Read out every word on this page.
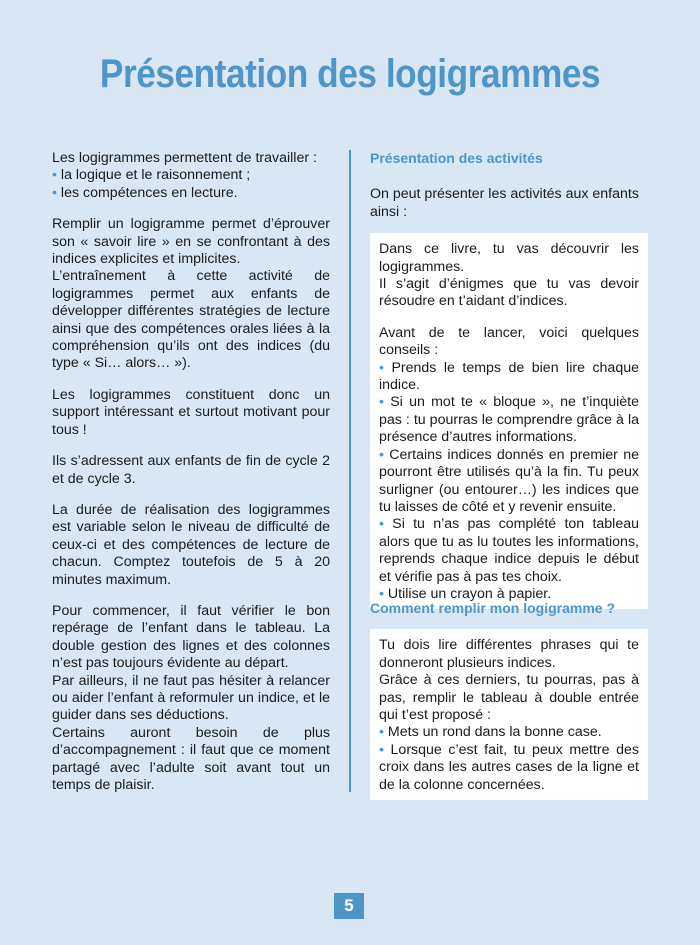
Présentation des logigrammes

Les logigrammes permettent de travailler :

• la logique et le raisonnement ;
• les compétences en lecture.

Remplir un logigramme permet d’éprouver son « savoir lire » en se confrontant à des indices explicites et implicites.

L’entraînement à cette activité de logigrammes permet aux enfants de développer différentes stratégies de lecture ainsi que des compétences orales liées à la compréhension qu’ils ont des indices (du type « Si… alors… »).

Les logigrammes constituent donc un support intéressant et surtout motivant pour tous !

Ils s’adressent aux enfants de fin de cycle 2 et de cycle 3.

La durée de réalisation des logigrammes est variable selon le niveau de difficulté de ceux-ci et des compétences de lecture de chacun. Comptez toutefois de 5 à 20 minutes maximum.

Pour commencer, il faut vérifier le bon repérage de l’enfant dans le tableau. La double gestion des lignes et des colonnes n’est pas toujours évidente au départ.

Par ailleurs, il ne faut pas hésiter à relancer ou aider l’enfant à reformuler un indice, et le guider dans ses déductions.

Certains auront besoin de plus d’accompagnement : il faut que ce moment partagé avec l’adulte soit avant tout un temps de plaisir.

Présentation des activités

On peut présenter les activités aux enfants ainsi :

Dans ce livre, tu vas découvrir les logigrammes.

Il s’agit d’énigmes que tu vas devoir résoudre en t’aidant d’indices.

Avant de te lancer, voici quelques conseils :

• Prends le temps de bien lire chaque indice.

• Si un mot te « bloque », ne t’inquiète pas : tu pourras le comprendre grâce à la présence d’autres informations.

• Certains indices donnés en premier ne pourront être utilisés qu’à la fin. Tu peux surligner (ou entourer…) les indices que tu laisses de côté et y revenir ensuite.

• Si tu n’as pas complété ton tableau alors que tu as lu toutes les informations, reprends chaque indice depuis le début et vérifie pas à pas tes choix.

• Utilise un crayon à papier.

Comment remplir mon logigramme ?

Tu dois lire différentes phrases qui te donneront plusieurs indices.

Grâce à ces derniers, tu pourras, pas à pas, remplir le tableau à double entrée qui t’est proposé :

• Mets un rond dans la bonne case.

• Lorsque c’est fait, tu peux mettre des croix dans les autres cases de la ligne et de la colonne concernées.

5
